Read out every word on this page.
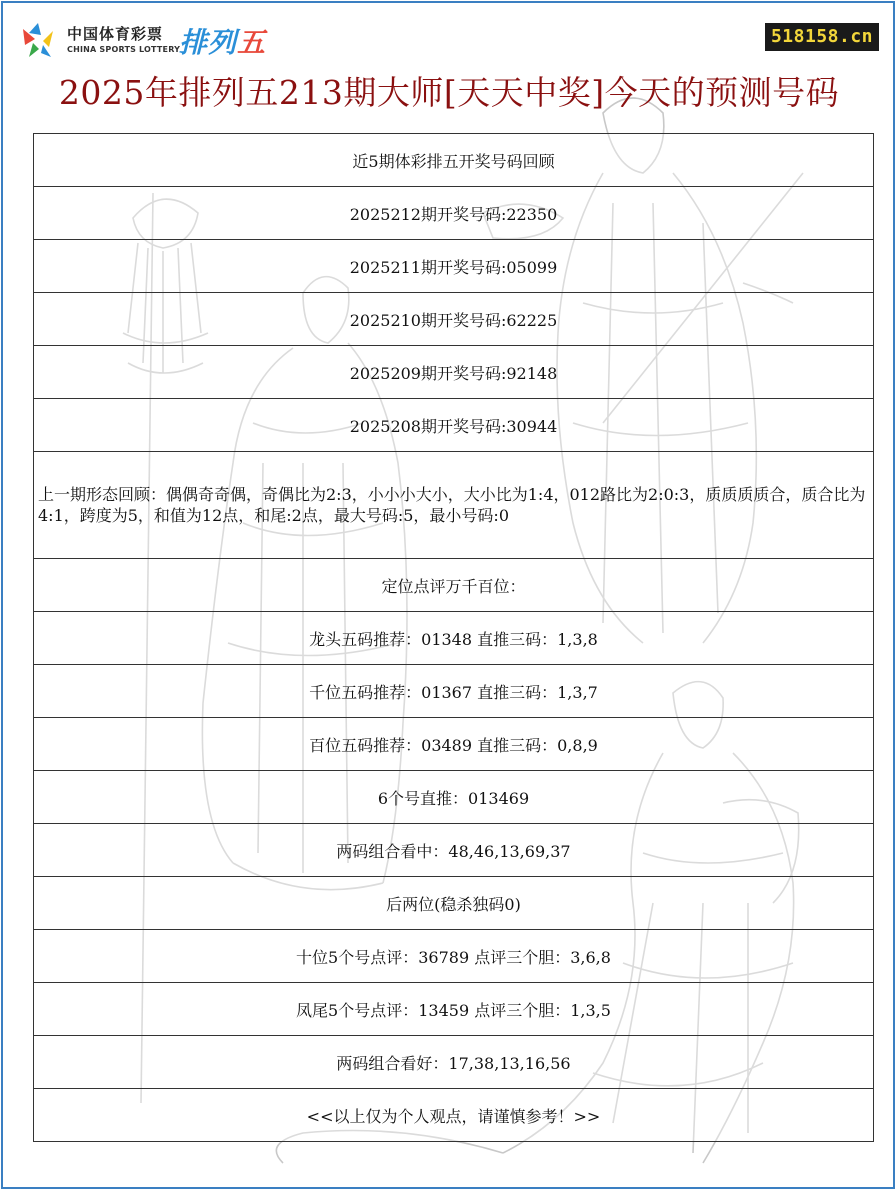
中国体育彩票
CHINA SPORTS LOTTERY
排列五	518158.cn
2025年排列五213期大师[天天中奖]今天的预测号码
近5期体彩排五开奖号码回顾
2025212期开奖号码:22350
2025211期开奖号码:05099
2025210期开奖号码:62225
2025209期开奖号码:92148
2025208期开奖号码:30944
上一期形态回顾：偶偶奇奇偶，奇偶比为2:3，小小小大小，大小比为1:4，012路比为2:0:3，质质质质合，质合比为4:1，跨度为5，和值为12点，和尾:2点，最大号码:5，最小号码:0
定位点评万千百位：
龙头五码推荐：01348 直推三码：1,3,8
千位五码推荐：01367 直推三码：1,3,7
百位五码推荐：03489 直推三码：0,8,9
6个号直推：013469
两码组合看中：48,46,13,69,37
后两位(稳杀独码0)
十位5个号点评：36789 点评三个胆：3,6,8
凤尾5个号点评：13459 点评三个胆：1,3,5
两码组合看好：17,38,13,16,56
<<以上仅为个人观点，请谨慎参考！>>
